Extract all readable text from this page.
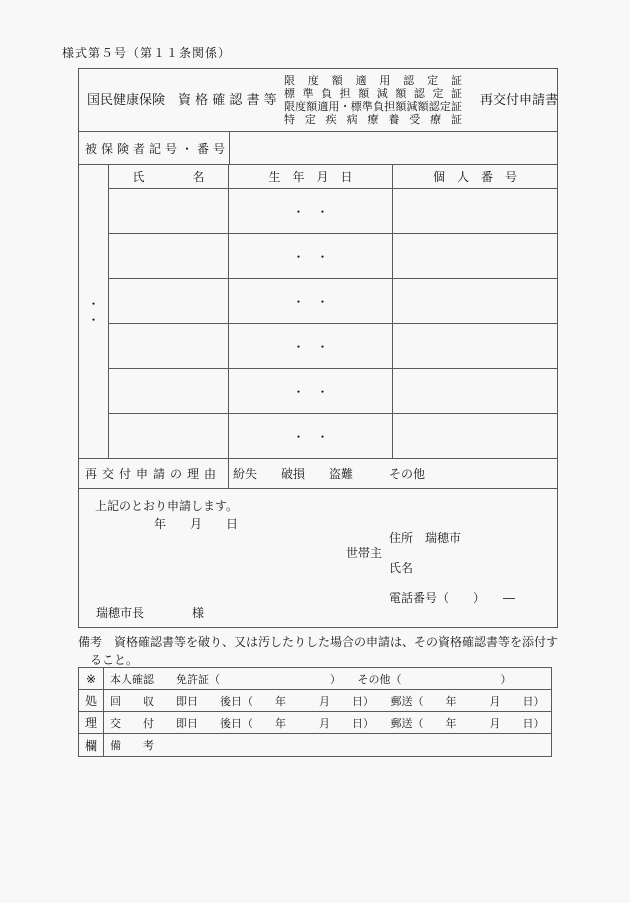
様式第５号（第１１条関係）
国民健康保険　資 格 確 認 書 等
限度額適用認定証
標準負担額減額認定証
限度額適用・標準負担額減額認定証
特定疾病療養受療証
再交付申請書
被保険者記号・番号
・
・
氏　　　　名	生　年　月　日	個　人　番　号
・　・
・　・
・　・
・　・
・　・
・　・
再交付申請の理由 紛失　　破損　　盗難　　　その他
上記のとおり申請します。
年　　月　　日
住所　瑞穂市
世帯主
氏名
電話番号（　　）　　―
瑞穂市長　　　　様
備考　資格確認書等を破り、又は汚したりした場合の申請は、その資格確認書等を添付す
ること。
※	本人確認　　免許証（　　　　　　　　　　）　　その他（　　　　　　　　　）
処	回　　収　　即日　　後日（　　年　　　月　　日）　　郵送（　　年　　　月　　日）
理	交　　付　　即日　　後日（　　年　　　月　　日）　　郵送（　　年　　　月　　日）
欄	備　　考
